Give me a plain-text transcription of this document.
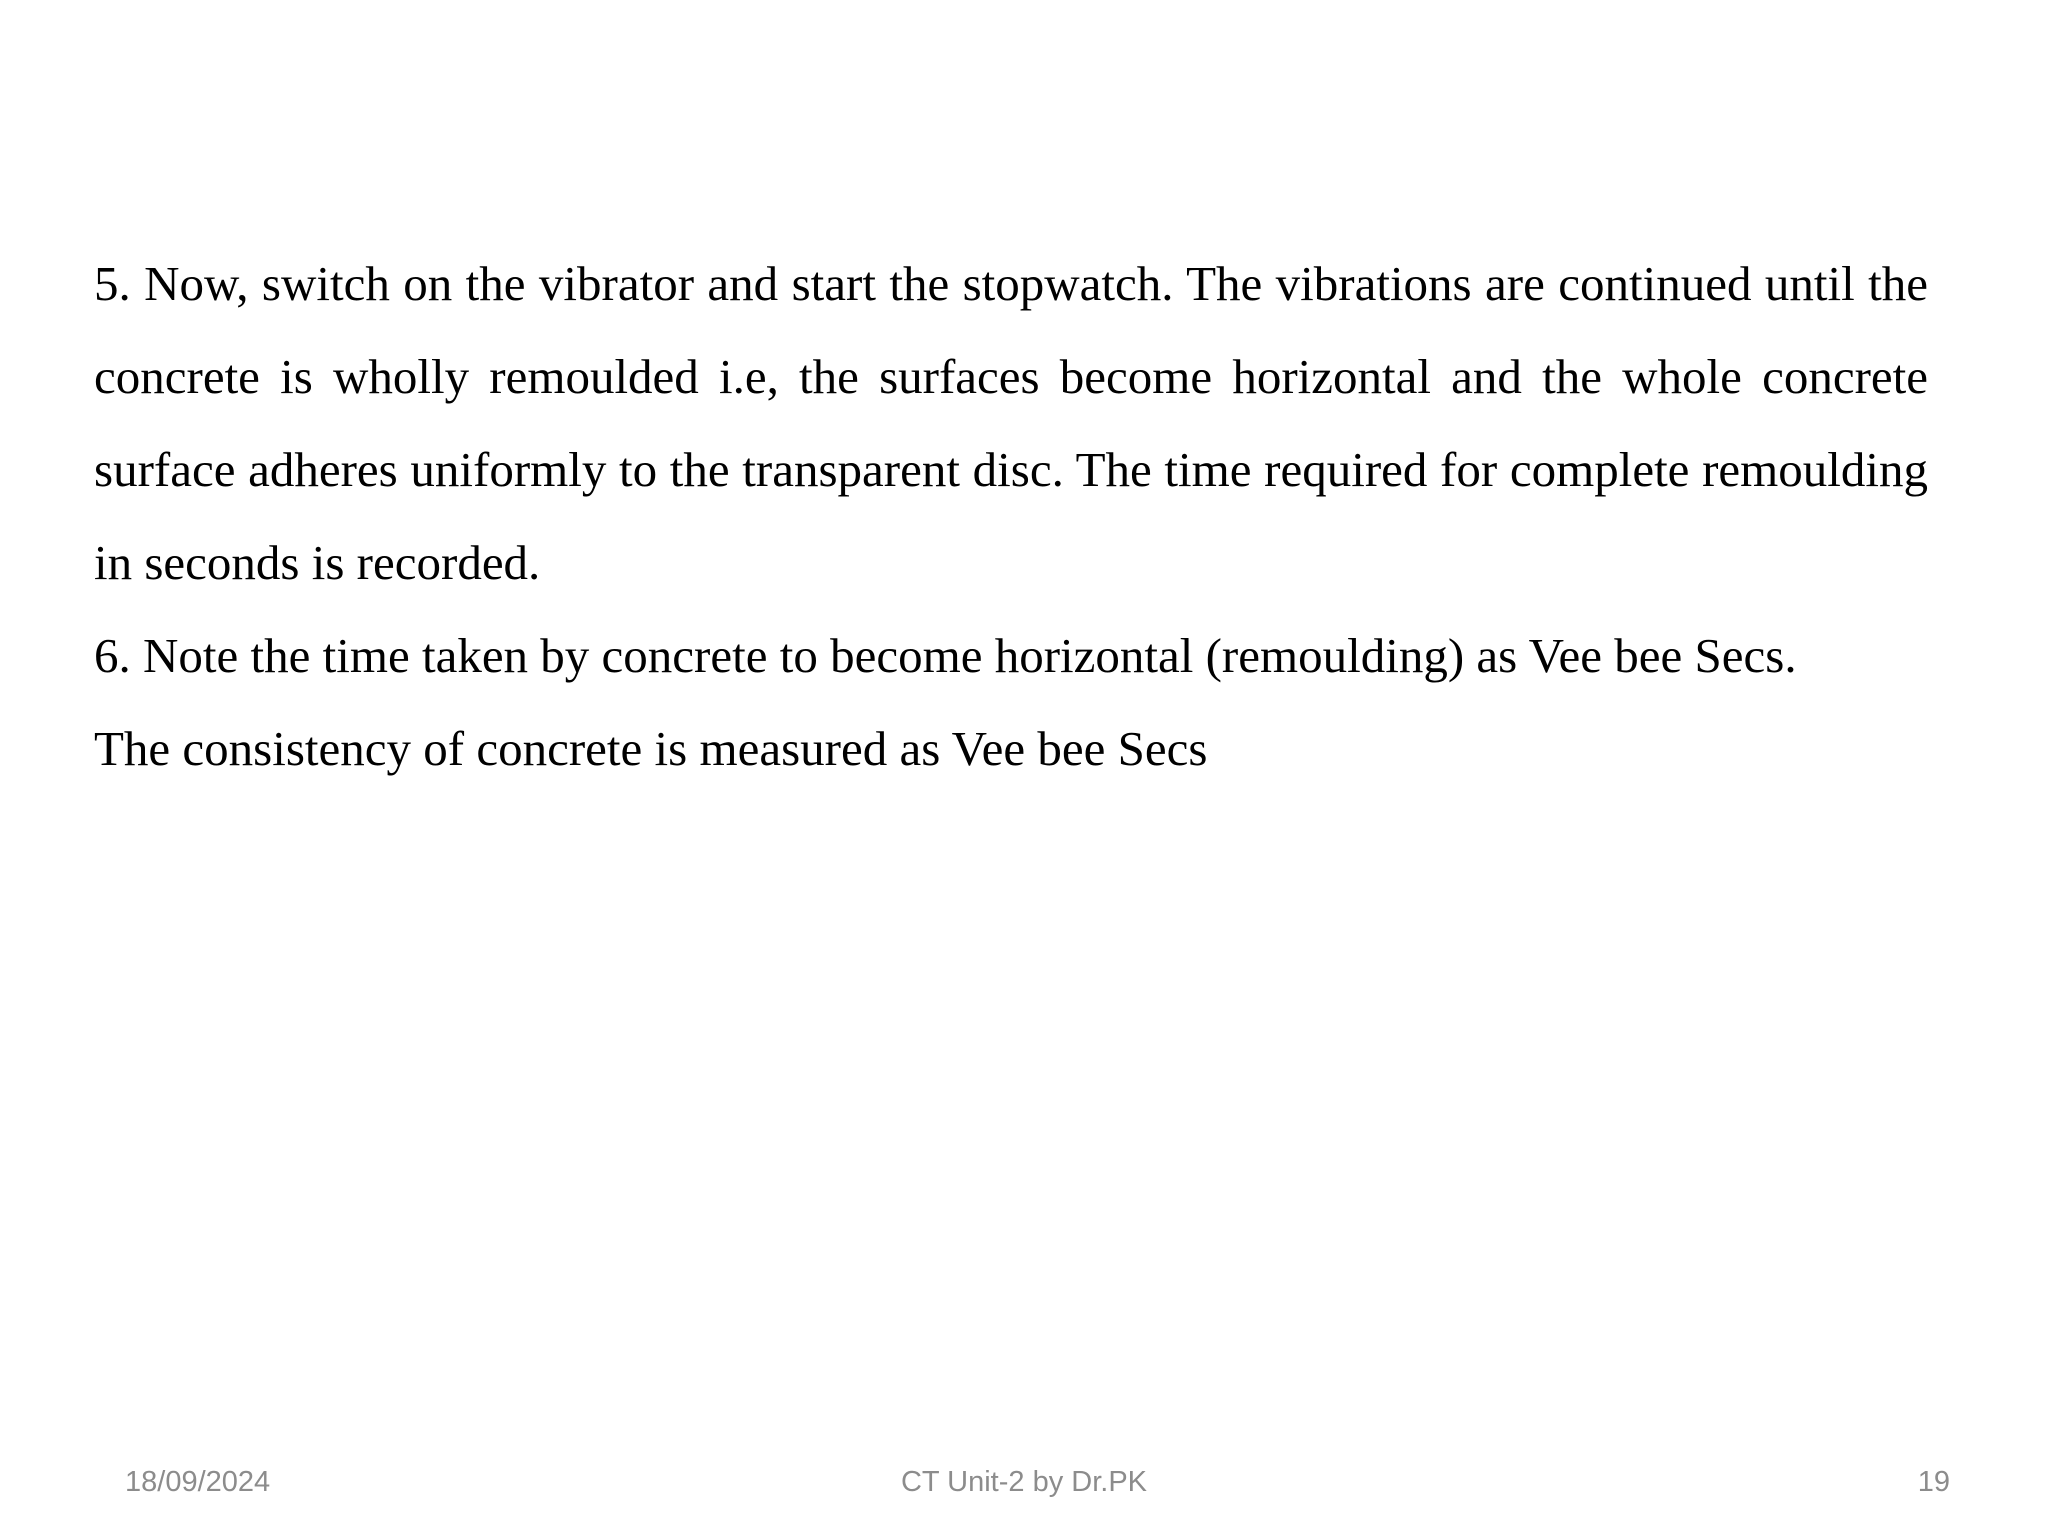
5. Now, switch on the vibrator and start the stopwatch. The vibrations are continued until the concrete is wholly remoulded i.e, the surfaces become horizontal and the whole concrete surface adheres uniformly to the transparent disc. The time required for complete remoulding in seconds is recorded.

6. Note the time taken by concrete to become horizontal (remoulding) as Vee bee Secs.

The consistency of concrete is measured as Vee bee Secs

18/09/2024	CT Unit-2 by Dr.PK	19
